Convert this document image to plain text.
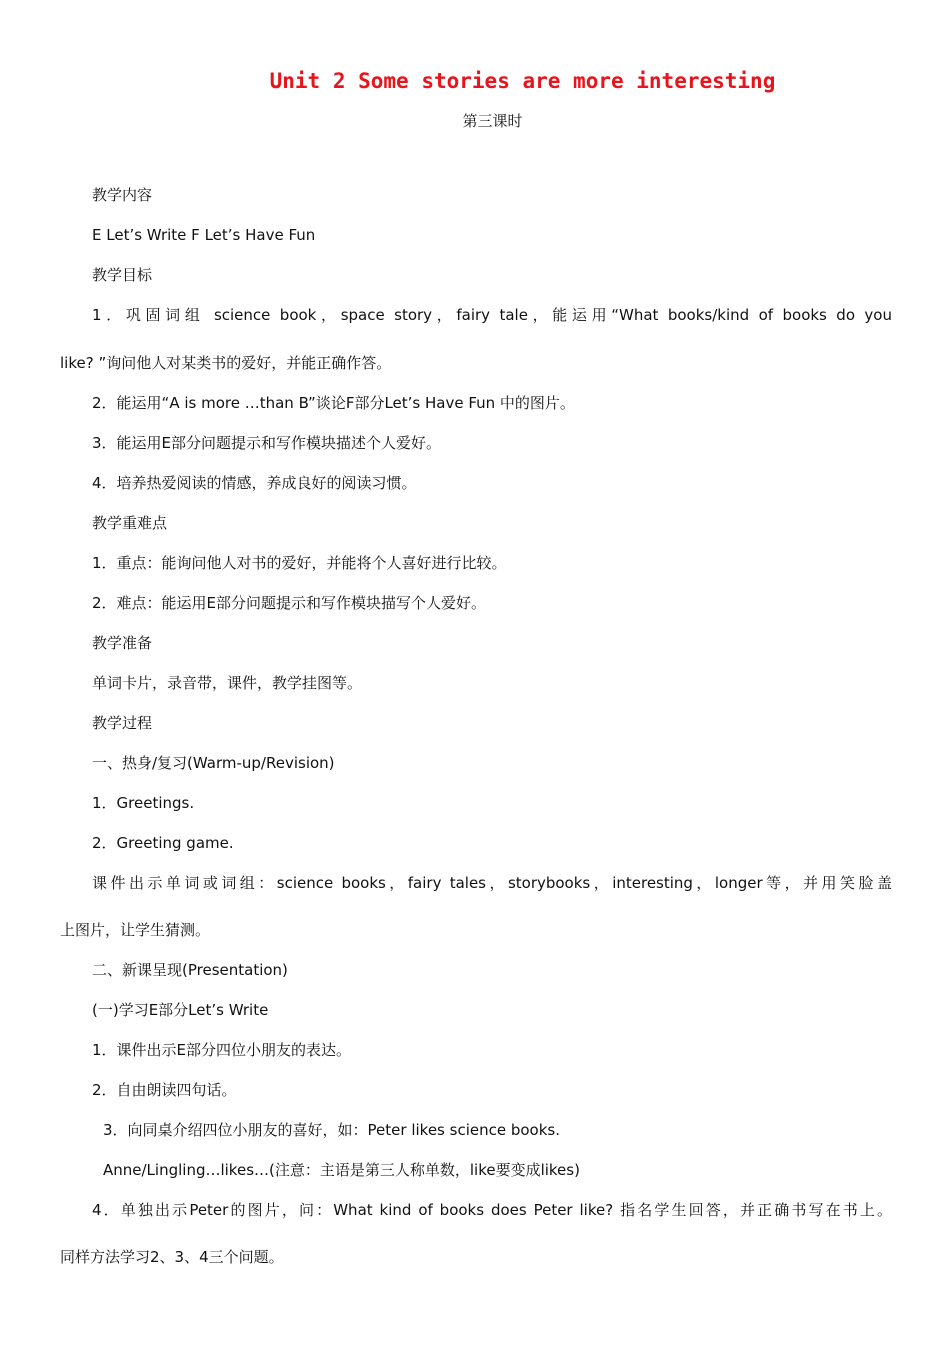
Unit 2 Some stories are more interesting

第三课时

教学内容

E Let’s Write F Let’s Have Fun

教学目标

1．巩固词组 science book，space story，fairy tale，能运用“What books/kind of books do you

like? ”询问他人对某类书的爱好，并能正确作答。

2．能运用“A is more …than B”谈论F部分Let’s Have Fun 中的图片。

3．能运用E部分问题提示和写作模块描述个人爱好。

4．培养热爱阅读的情感，养成良好的阅读习惯。

教学重难点

1．重点：能询问他人对书的爱好，并能将个人喜好进行比较。

2．难点：能运用E部分问题提示和写作模块描写个人爱好。

教学准备

单词卡片，录音带，课件，教学挂图等。

教学过程

一、热身/复习(Warm-up/Revision)

1．Greetings.

2．Greeting game.

课件出示单词或词组：science books，fairy tales，storybooks，interesting，longer等，并用笑脸盖

上图片，让学生猜测。

二、新课呈现(Presentation)

(一)学习E部分Let’s Write

1．课件出示E部分四位小朋友的表达。

2．自由朗读四句话。

3．向同桌介绍四位小朋友的喜好，如：Peter likes science books.

Anne/Lingling…likes…(注意：主语是第三人称单数，like要变成likes)

4．单独出示Peter的图片，问：What kind of books does Peter like? 指名学生回答，并正确书写在书上。

同样方法学习2、3、4三个问题。
